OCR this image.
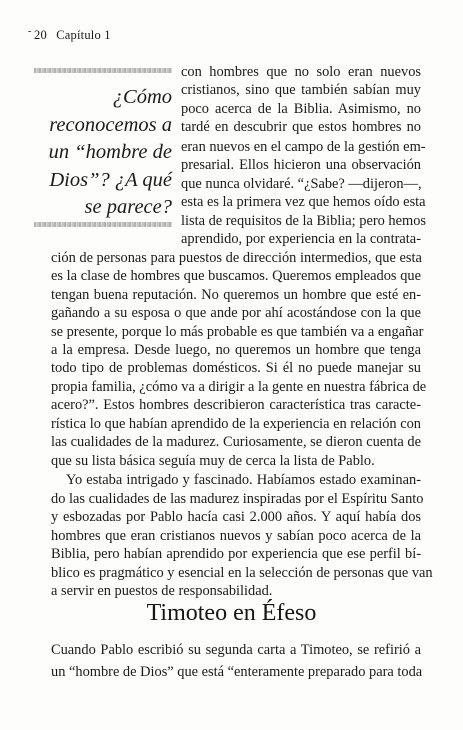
- 20 Capítulo 1
¿Cómo reconocemos a un “hombre de Dios”? ¿A qué se parece?
con hombres que no solo eran nuevos
cristianos, sino que también sabían muy
poco acerca de la Biblia. Asimismo, no
tardé en descubrir que estos hombres no
eran nuevos en el campo de la gestión em-
presarial. Ellos hicieron una observación
que nunca olvidaré. “¿Sabe? —dijeron—,
esta es la primera vez que hemos oído esta
lista de requisitos de la Biblia; pero hemos
aprendido, por experiencia en la contrata-
ción de personas para puestos de dirección intermedios, que esta
es la clase de hombres que buscamos. Queremos empleados que
tengan buena reputación. No queremos un hombre que esté en-
gañando a su esposa o que ande por ahí acostándose con la que
se presente, porque lo más probable es que también va a engañar
a la empresa. Desde luego, no queremos un hombre que tenga
todo tipo de problemas domésticos. Si él no puede manejar su
propia familia, ¿cómo va a dirigir a la gente en nuestra fábrica de
acero?”. Estos hombres describieron característica tras caracte-
rística lo que habían aprendido de la experiencia en relación con
las cualidades de la madurez. Curiosamente, se dieron cuenta de
que su lista básica seguía muy de cerca la lista de Pablo.
Yo estaba intrigado y fascinado. Habíamos estado examinan-
do las cualidades de las madurez inspiradas por el Espíritu Santo
y esbozadas por Pablo hacía casi 2.000 años. Y aquí había dos
hombres que eran cristianos nuevos y sabían poco acerca de la
Biblia, pero habían aprendido por experiencia que ese perfil bí-
blico es pragmático y esencial en la selección de personas que van
a servir en puestos de responsabilidad.
Timoteo en Éfeso
Cuando Pablo escribió su segunda carta a Timoteo, se refirió a
un “hombre de Dios” que está “enteramente preparado para toda
